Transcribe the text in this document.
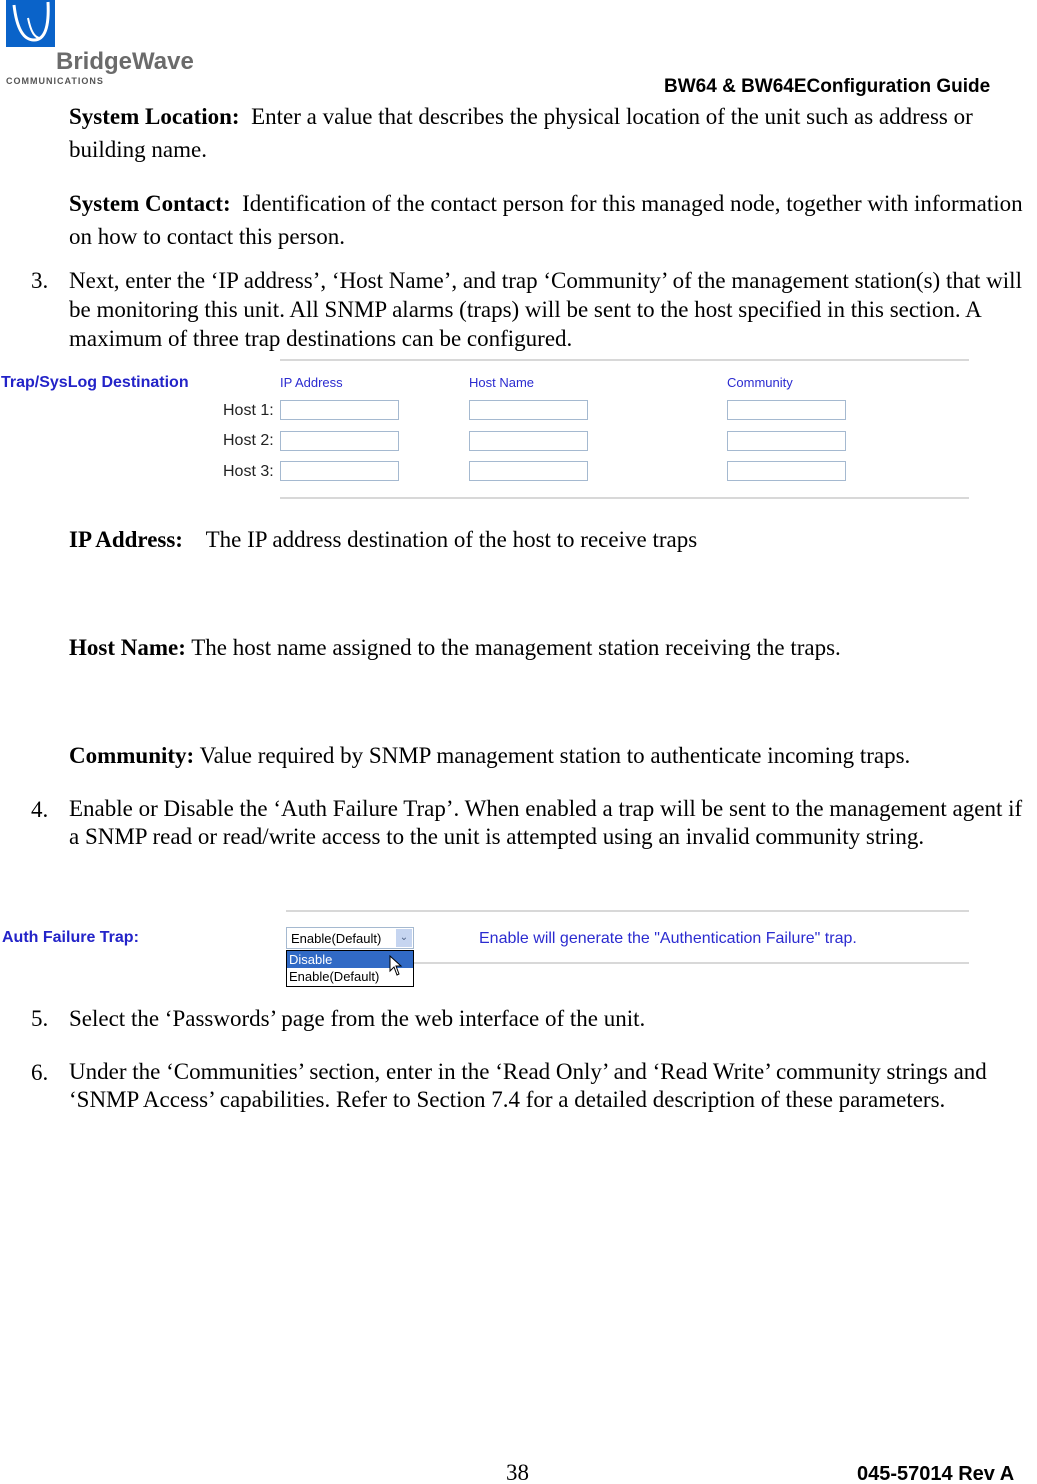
BridgeWave
COMMUNICATIONS	BW64 & BW64EConfiguration Guide
System Location: Enter a value that describes the physical location of the unit such as address or building name.
System Contact: Identification of the contact person for this managed node, together with information on how to contact this person.
3. Next, enter the ‘IP address’, ‘Host Name’, and trap ‘Community’ of the management station(s) that will be monitoring this unit. All SNMP alarms (traps) will be sent to the host specified in this section. A maximum of three trap destinations can be configured.
Trap/SysLog Destination	IP Address	Host Name	Community
Host 1:
Host 2:
Host 3:
IP Address: The IP address destination of the host to receive traps
Host Name: The host name assigned to the management station receiving the traps.
Community: Value required by SNMP management station to authenticate incoming traps.
4. Enable or Disable the ‘Auth Failure Trap’. When enabled a trap will be sent to the management agent if a SNMP read or read/write access to the unit is attempted using an invalid community string.
Auth Failure Trap:	Enable(Default)	⌄
Disable
Enable(Default)
Enable will generate the "Authentication Failure" trap.
5. Select the ‘Passwords’ page from the web interface of the unit.
6. Under the ‘Communities’ section, enter in the ‘Read Only’ and ‘Read Write’ community strings and ‘SNMP Access’ capabilities. Refer to Section 7.4 for a detailed description of these parameters.
38	045-57014 Rev A
